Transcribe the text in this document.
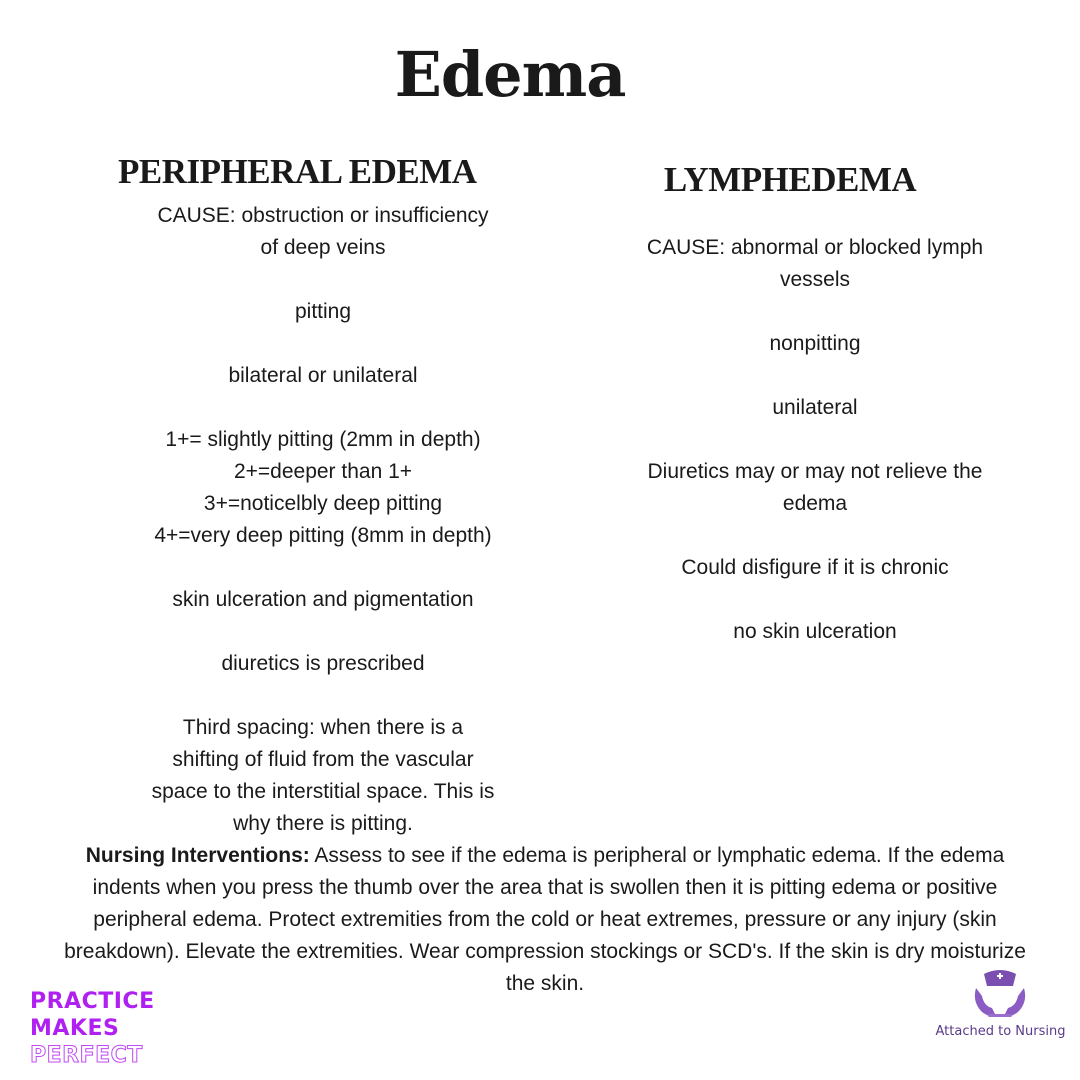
Edema
PERIPHERAL EDEMA	LYMPHEDEMA
CAUSE: obstruction or insufficiency
of deep veins
pitting
bilateral or unilateral
1+= slightly pitting (2mm in depth)
2+=deeper than 1+
3+=noticelbly deep pitting
4+=very deep pitting (8mm in depth)
skin ulceration and pigmentation
diuretics is prescribed
Third spacing: when there is a
shifting of fluid from the vascular
space to the interstitial space. This is
why there is pitting.
CAUSE: abnormal or blocked lymph
vessels
nonpitting
unilateral
Diuretics may or may not relieve the
edema
Could disfigure if it is chronic
no skin ulceration

Nursing Interventions: Assess to see if the edema is peripheral or lymphatic edema. If the edema indents when you press the thumb over the area that is swollen then it is pitting edema or positive peripheral edema. Protect extremities from the cold or heat extremes, pressure or any injury (skin breakdown). Elevate the extremities. Wear compression stockings or SCD's. If the skin is dry moisturize the skin.

PRACTICE
MAKES
PERFECT
Attached to Nursing
